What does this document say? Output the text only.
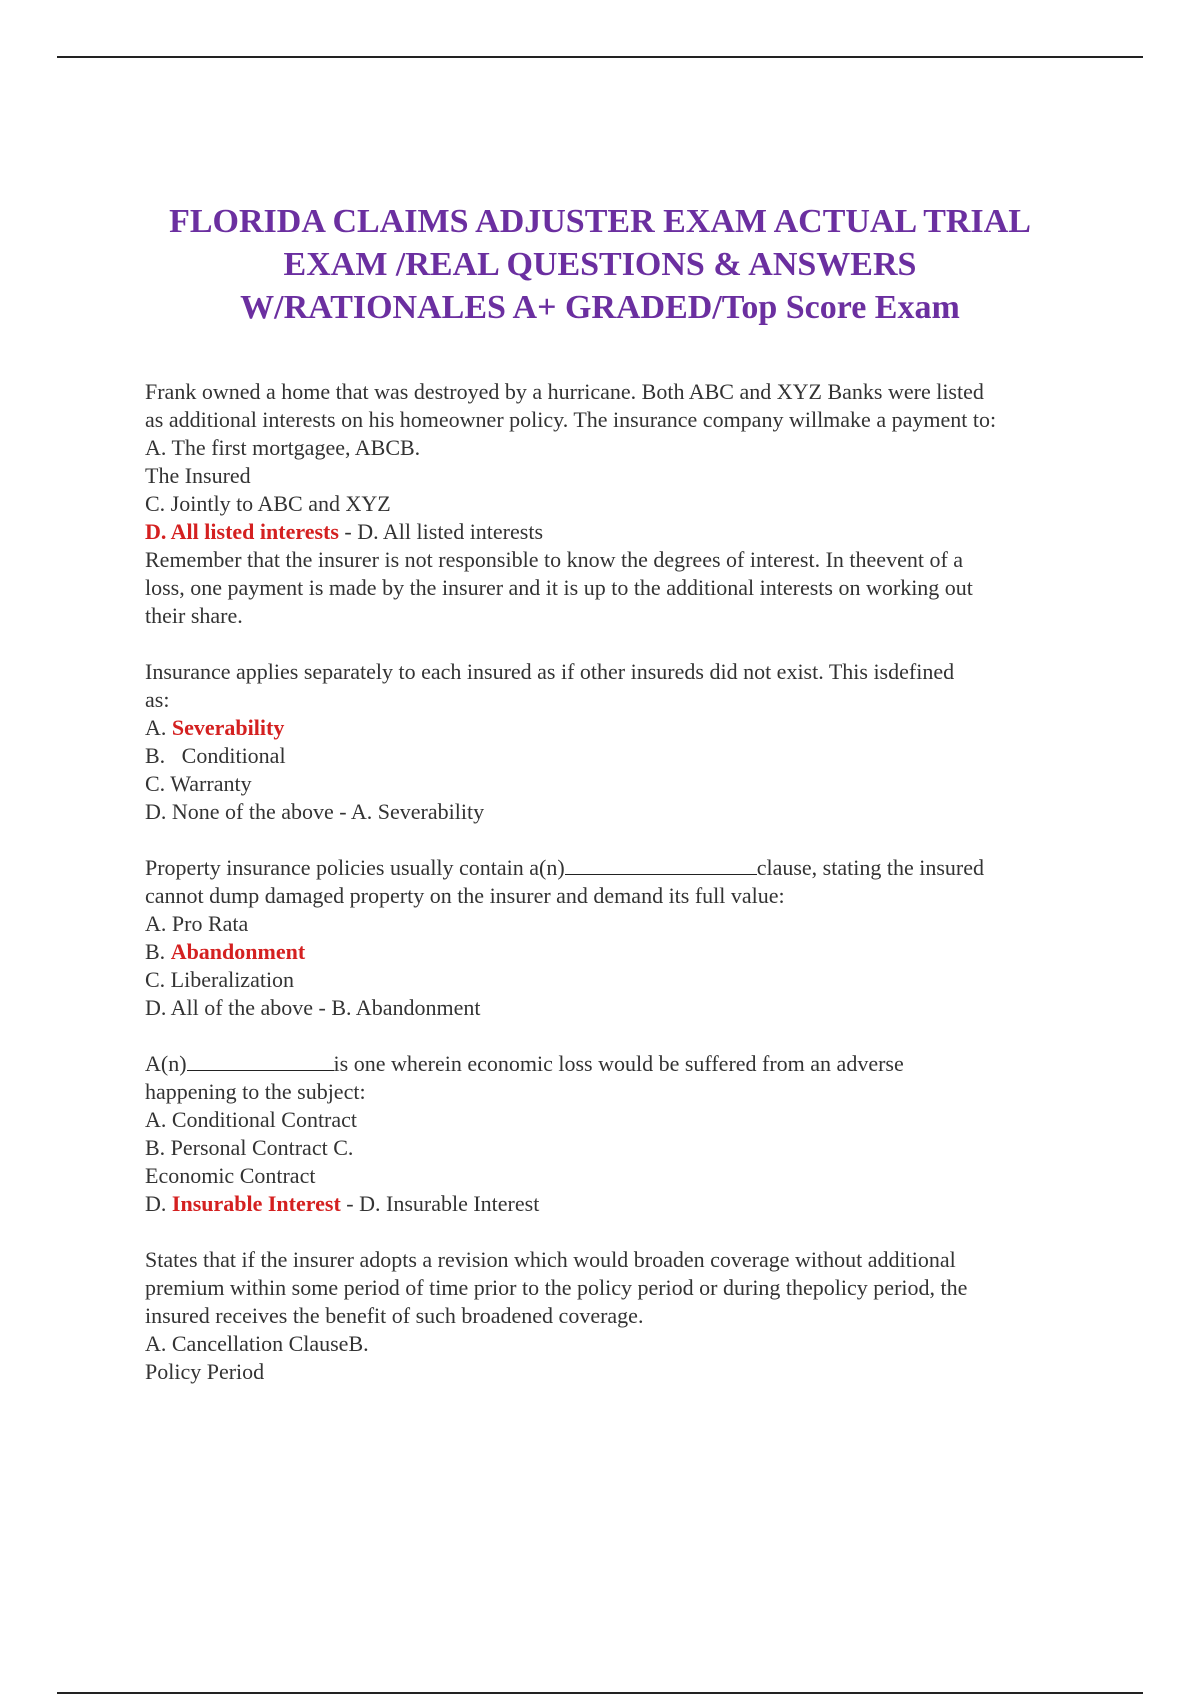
FLORIDA CLAIMS ADJUSTER EXAM ACTUAL TRIAL
EXAM /REAL QUESTIONS & ANSWERS
W/RATIONALES A+ GRADED/Top Score Exam
Frank owned a home that was destroyed by a hurricane. Both ABC and XYZ Banks were listed
as additional interests on his homeowner policy. The insurance company willmake a payment to:
A. The first mortgagee, ABCB.
The Insured
C. Jointly to ABC and XYZ
D. All listed interests - D. All listed interests
Remember that the insurer is not responsible to know the degrees of interest. In theevent of a
loss, one payment is made by the insurer and it is up to the additional interests on working out
their share.
Insurance applies separately to each insured as if other insureds did not exist. This isdefined
as:
A. Severability
B.   Conditional
C. Warranty
D. None of the above - A. Severability
Property insurance policies usually contain a(n)	clause, stating the insured
cannot dump damaged property on the insurer and demand its full value:
A. Pro Rata
B. Abandonment
C. Liberalization
D. All of the above - B. Abandonment
A(n)	is one wherein economic loss would be suffered from an adverse
happening to the subject:
A. Conditional Contract
B. Personal Contract C.
Economic Contract
D. Insurable Interest - D. Insurable Interest
States that if the insurer adopts a revision which would broaden coverage without additional
premium within some period of time prior to the policy period or during thepolicy period, the
insured receives the benefit of such broadened coverage.
A. Cancellation ClauseB.
Policy Period
